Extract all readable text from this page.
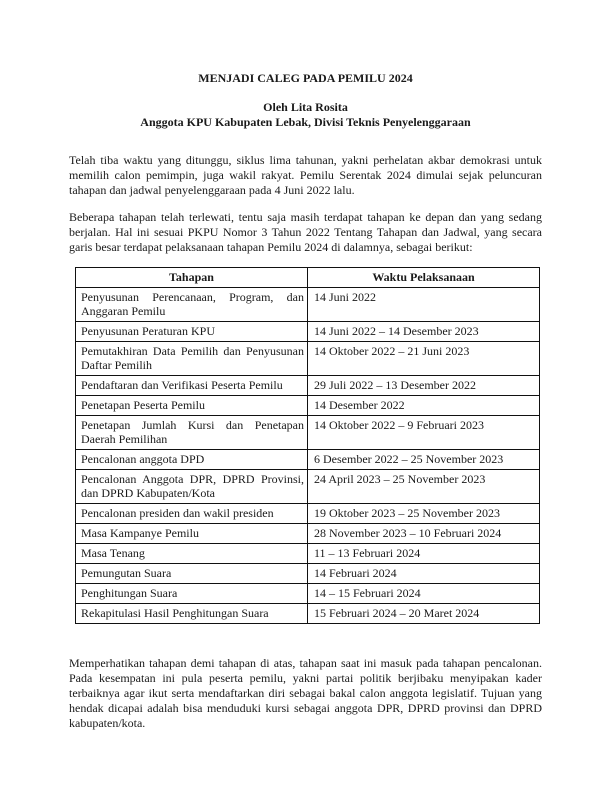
MENJADI CALEG PADA PEMILU 2024
Oleh Lita Rosita
Anggota KPU Kabupaten Lebak, Divisi Teknis Penyelenggaraan

Telah tiba waktu yang ditunggu, siklus lima tahunan, yakni perhelatan akbar demokrasi untuk memilih calon pemimpin, juga wakil rakyat. Pemilu Serentak 2024 dimulai sejak peluncuran tahapan dan jadwal penyelenggaraan pada 4 Juni 2022 lalu.

Beberapa tahapan telah terlewati, tentu saja masih terdapat tahapan ke depan dan yang sedang berjalan. Hal ini sesuai PKPU Nomor 3 Tahun 2022 Tentang Tahapan dan Jadwal, yang secara garis besar terdapat pelaksanaan tahapan Pemilu 2024 di dalamnya, sebagai berikut:

Tahapan	Waktu Pelaksanaan
Penyusunan Perencanaan, Program, dan Anggaran Pemilu	14 Juni 2022
Penyusunan Peraturan KPU	14 Juni 2022 – 14 Desember 2023
Pemutakhiran Data Pemilih dan Penyusunan Daftar Pemilih	14 Oktober 2022 – 21 Juni 2023
Pendaftaran dan Verifikasi Peserta Pemilu	29 Juli 2022 – 13 Desember 2022
Penetapan Peserta Pemilu	14 Desember 2022
Penetapan Jumlah Kursi dan Penetapan Daerah Pemilihan	14 Oktober 2022 – 9 Februari 2023
Pencalonan anggota DPD	6 Desember 2022 – 25 November 2023
Pencalonan Anggota DPR, DPRD Provinsi, dan DPRD Kabupaten/Kota	24 April 2023 – 25 November 2023
Pencalonan presiden dan wakil presiden	19 Oktober 2023 – 25 November 2023
Masa Kampanye Pemilu	28 November 2023 – 10 Februari 2024
Masa Tenang	11 – 13 Februari 2024
Pemungutan Suara	14 Februari 2024
Penghitungan Suara	14 – 15 Februari 2024
Rekapitulasi Hasil Penghitungan Suara	15 Februari 2024 – 20 Maret 2024

Memperhatikan tahapan demi tahapan di atas, tahapan saat ini masuk pada tahapan pencalonan. Pada kesempatan ini pula peserta pemilu, yakni partai politik berjibaku menyipakan kader terbaiknya agar ikut serta mendaftarkan diri sebagai bakal calon anggota legislatif. Tujuan yang hendak dicapai adalah bisa menduduki kursi sebagai anggota DPR, DPRD provinsi dan DPRD kabupaten/kota.
